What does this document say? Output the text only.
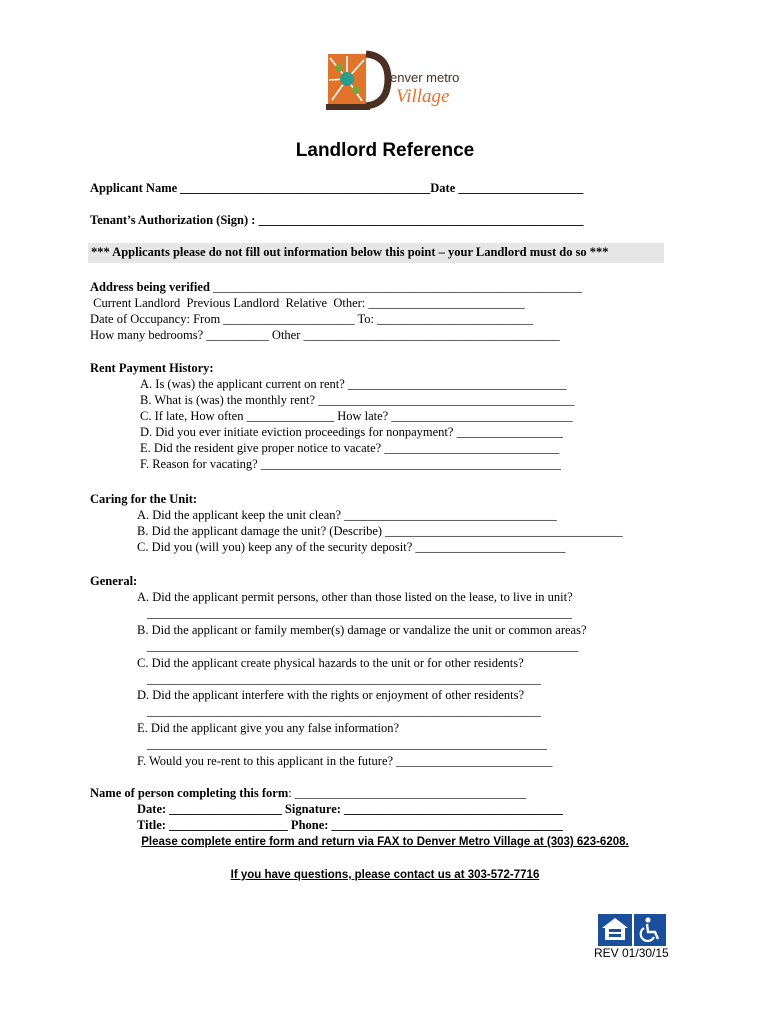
enver metro
Village
Landlord Reference
Applicant Name ________________________________________Date ____________________
Tenant’s Authorization (Sign) : ____________________________________________________
*** Applicants please do not fill out information below this point – your Landlord must do so ***
Address being verified ___________________________________________________________
Current Landlord  Previous Landlord  Relative  Other: _________________________
Date of Occupancy: From _____________________ To: _________________________
How many bedrooms? __________ Other _________________________________________
Rent Payment History:
A. Is (was) the applicant current on rent? ___________________________________
B. What is (was) the monthly rent? _________________________________________
C. If late, How often ______________ How late? _____________________________
D. Did you ever initiate eviction proceedings for nonpayment? _________________
E. Did the resident give proper notice to vacate? ____________________________
F. Reason for vacating? ________________________________________________
Caring for the Unit:
A. Did the applicant keep the unit clean? __________________________________
B. Did the applicant damage the unit? (Describe) ______________________________________
C. Did you (will you) keep any of the security deposit? ________________________
General:
A. Did the applicant permit persons, other than those listed on the lease, to live in unit?
____________________________________________________________________
B. Did the applicant or family member(s) damage or vandalize the unit or common areas?
_____________________________________________________________________
C. Did the applicant create physical hazards to the unit or for other residents?
_______________________________________________________________
D. Did the applicant interfere with the rights or enjoyment of other residents?
_______________________________________________________________
E. Did the applicant give you any false information?
________________________________________________________________
F. Would you re-rent to this applicant in the future? _________________________
Name of person completing this form: _____________________________________
Date: __________________ Signature: ___________________________________
Title: ___________________ Phone: _____________________________________
Please complete entire form and return via FAX to Denver Metro Village at (303) 623-6208.
If you have questions, please contact us at 303-572-7716
REV 01/30/15
